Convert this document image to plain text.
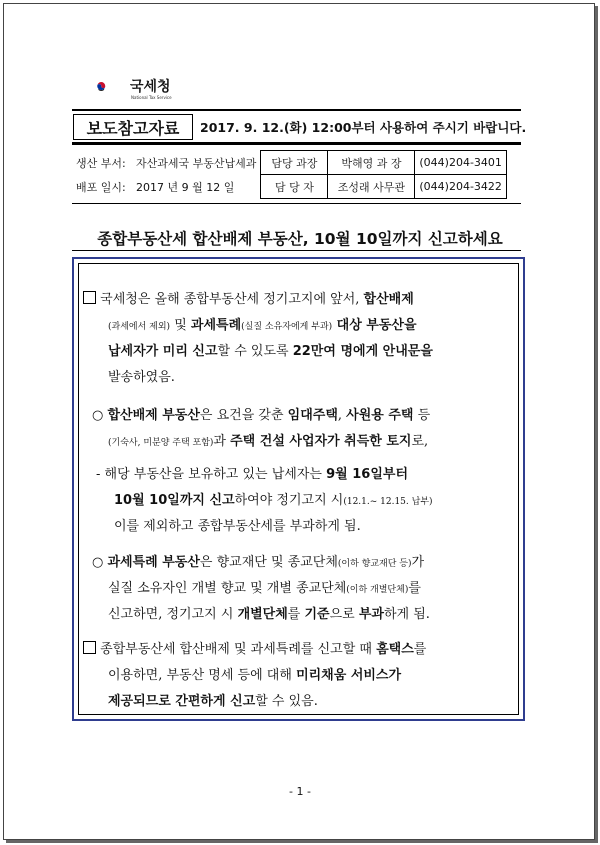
국세청
National Tax Service
보도참고자료	2017. 9. 12.(화) 12:00부터 사용하여 주시기 바랍니다.
생산 부서:	자산과세국 부동산납세과	담당 과장	박해영 과 장	(044)204-3401
배포 일시:	2017 년 9 월 12 일	담 당 자	조성래 사무관	(044)204-3422
종합부동산세 합산배제 부동산, 10월 10일까지 신고하세요
국세청은 올해 종합부동산세 정기고지에 앞서, 합산배제
(과세에서 제외) 및 과세특례(실질 소유자에게 부과) 대상 부동산을
납세자가 미리 신고할 수 있도록 22만여 명에게 안내문을
발송하였음.
○ 합산배제 부동산은 요건을 갖춘 임대주택, 사원용 주택 등
(기숙사, 미분양 주택 포함)과 주택 건설 사업자가 취득한 토지로,
- 해당 부동산을 보유하고 있는 납세자는 9월 16일부터
10월 10일까지 신고하여야 정기고지 시(12.1.~ 12.15. 납부)
이를 제외하고 종합부동산세를 부과하게 됨.
○ 과세특례 부동산은 향교재단 및 종교단체(이하 향교재단 등)가
실질 소유자인 개별 향교 및 개별 종교단체(이하 개별단체)를
신고하면, 정기고지 시 개별단체를 기준으로 부과하게 됨.
종합부동산세 합산배제 및 과세특례를 신고할 때 홈택스를
이용하면, 부동산 명세 등에 대해 미리채움 서비스가
제공되므로 간편하게 신고할 수 있음.
- 1 -
